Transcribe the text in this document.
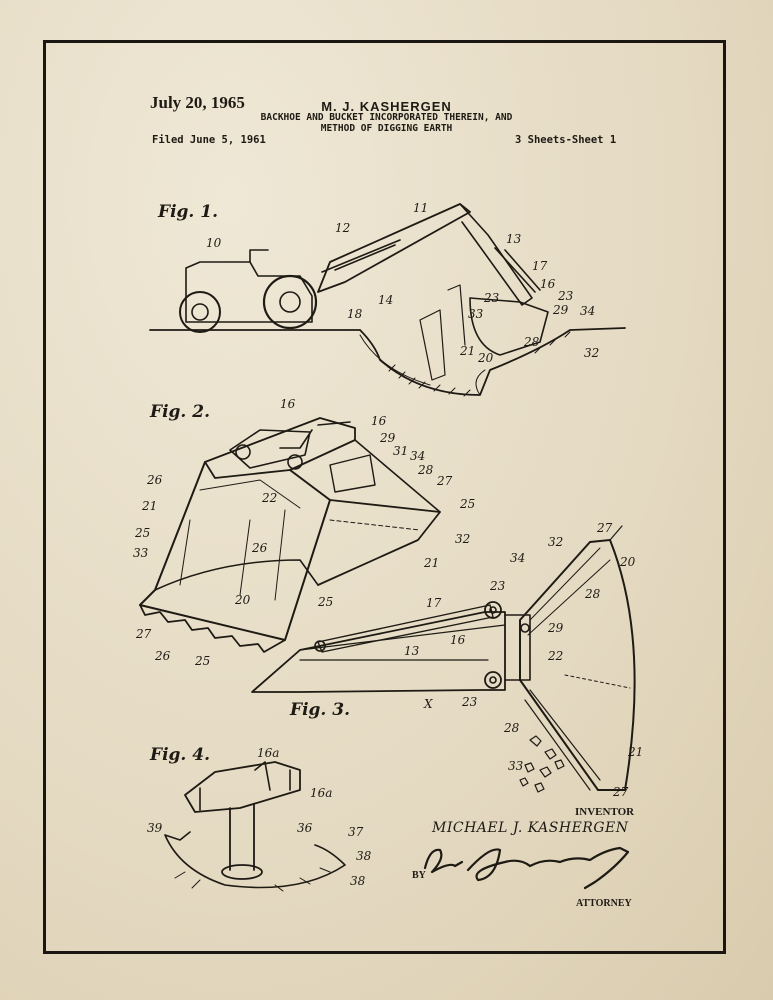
July 20, 1965	M. J. KASHERGEN
BACKHOE AND BUCKET INCORPORATED THEREIN, AND
METHOD OF DIGGING EARTH
Filed June 5, 1961	3 Sheets-Sheet 1
Fig. 1.
10
11
12
13
17
16
23
29 34
33
23
14
18
21 20
28
32
Fig. 2.	16
16
29
31 34
28
27
25
26
22
21
25
33	26
21
32
20	25
27
26 25
Fig. 3.
27
32
20
34
23
28
17
29
16
22
13
23
28
21
33
27
X
Fig. 4.	16a
16a
39	36	37
38
38
INVENTOR
MICHAEL J. KASHERGEN
BY
ATTORNEY
